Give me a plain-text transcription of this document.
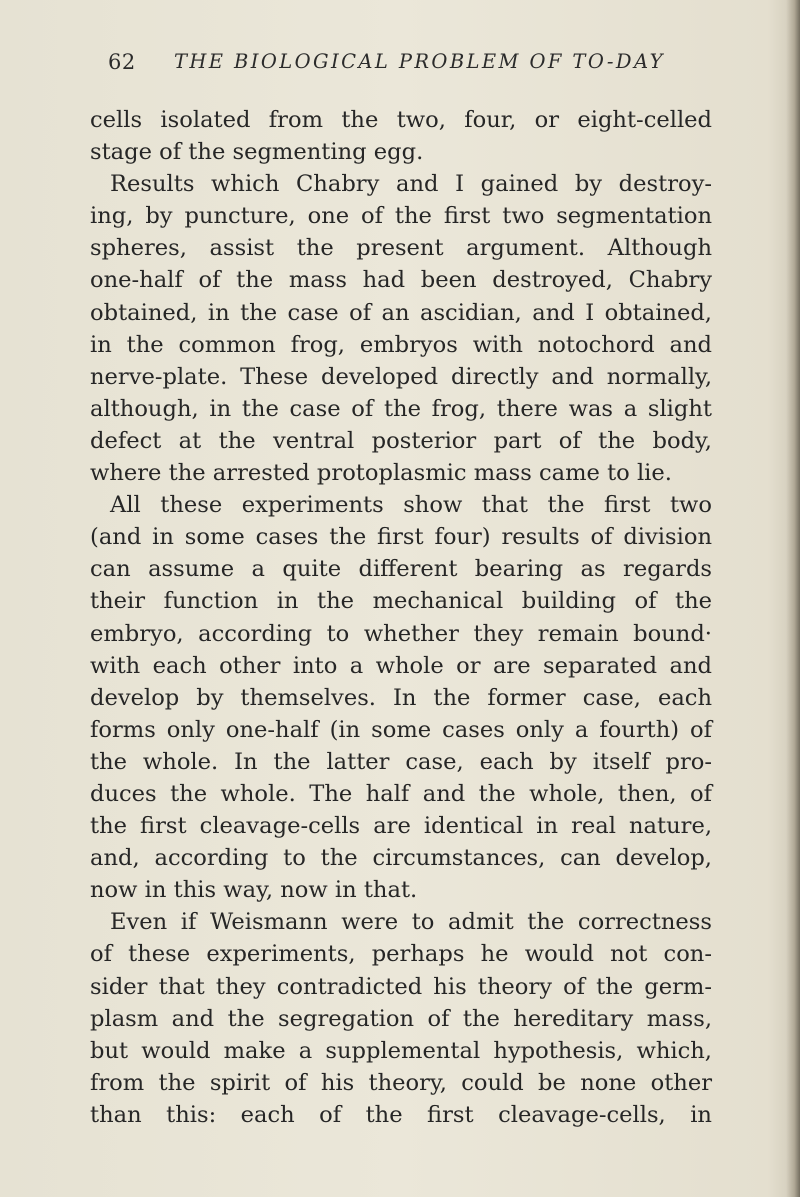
62 THE BIOLOGICAL PROBLEM OF TO-DAY
cells isolated from the two, four, or eight-celled
stage of the segmenting egg.
Results which Chabry and I gained by destroy-
ing, by puncture, one of the first two segmentation
spheres, assist the present argument. Although
one-half of the mass had been destroyed, Chabry
obtained, in the case of an ascidian, and I obtained,
in the common frog, embryos with notochord and
nerve-plate. These developed directly and normally,
although, in the case of the frog, there was a slight
defect at the ventral posterior part of the body,
where the arrested protoplasmic mass came to lie.
All these experiments show that the first two
(and in some cases the first four) results of division
can assume a quite different bearing as regards
their function in the mechanical building of the
embryo, according to whether they remain bound·
with each other into a whole or are separated and
develop by themselves. In the former case, each
forms only one-half (in some cases only a fourth) of
the whole. In the latter case, each by itself pro-
duces the whole. The half and the whole, then, of
the first cleavage-cells are identical in real nature,
and, according to the circumstances, can develop,
now in this way, now in that.
Even if Weismann were to admit the correctness
of these experiments, perhaps he would not con-
sider that they contradicted his theory of the germ-
plasm and the segregation of the hereditary mass,
but would make a supplemental hypothesis, which,
from the spirit of his theory, could be none other
than this: each of the first cleavage-cells, in
